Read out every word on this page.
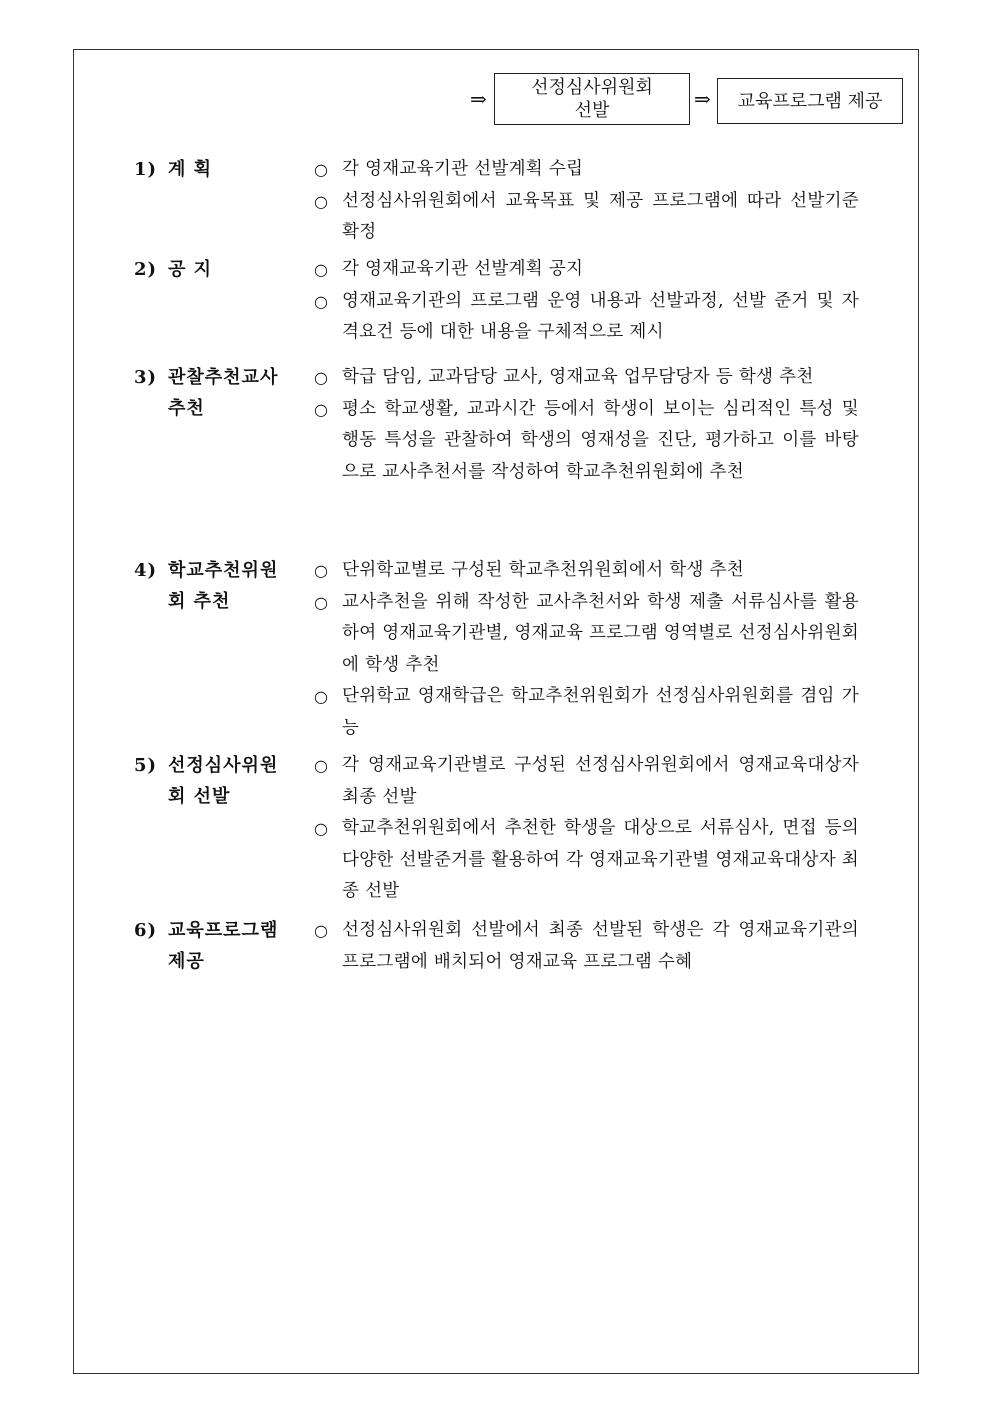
⇒ 선정심사위원회
선발	⇒ 교육프로그램 제공
1) 계 획	○ 각 영재교육기관 선발계획 수립
○ 선정심사위원회에서 교육목표 및 제공 프로그램에 따라 선발기준 확정
2) 공 지	○ 각 영재교육기관 선발계획 공지
○ 영재교육기관의 프로그램 운영 내용과 선발과정, 선발 준거 및 자격요건 등에 대한 내용을 구체적으로 제시
3) 관찰추천교사
추천
○ 학급 담임, 교과담당 교사, 영재교육 업무담당자 등 학생 추천
○ 평소 학교생활, 교과시간 등에서 학생이 보이는 심리적인 특성 및 행동 특성을 관찰하여 학생의 영재성을 진단, 평가하고 이를 바탕으로 교사추천서를 작성하여 학교추천위원회에 추천
4) 학교추천위원
회 추천
○ 단위학교별로 구성된 학교추천위원회에서 학생 추천
○ 교사추천을 위해 작성한 교사추천서와 학생 제출 서류심사를 활용하여 영재교육기관별, 영재교육 프로그램 영역별로 선정심사위원회에 학생 추천
○ 단위학교 영재학급은 학교추천위원회가 선정심사위원회를 겸임 가능
5) 선정심사위원
회 선발
○ 각 영재교육기관별로 구성된 선정심사위원회에서 영재교육대상자 최종 선발
○ 학교추천위원회에서 추천한 학생을 대상으로 서류심사, 면접 등의 다양한 선발준거를 활용하여 각 영재교육기관별 영재교육대상자 최종 선발
6) 교육프로그램
제공
○ 선정심사위원회 선발에서 최종 선발된 학생은 각 영재교육기관의 프로그램에 배치되어 영재교육 프로그램 수혜
